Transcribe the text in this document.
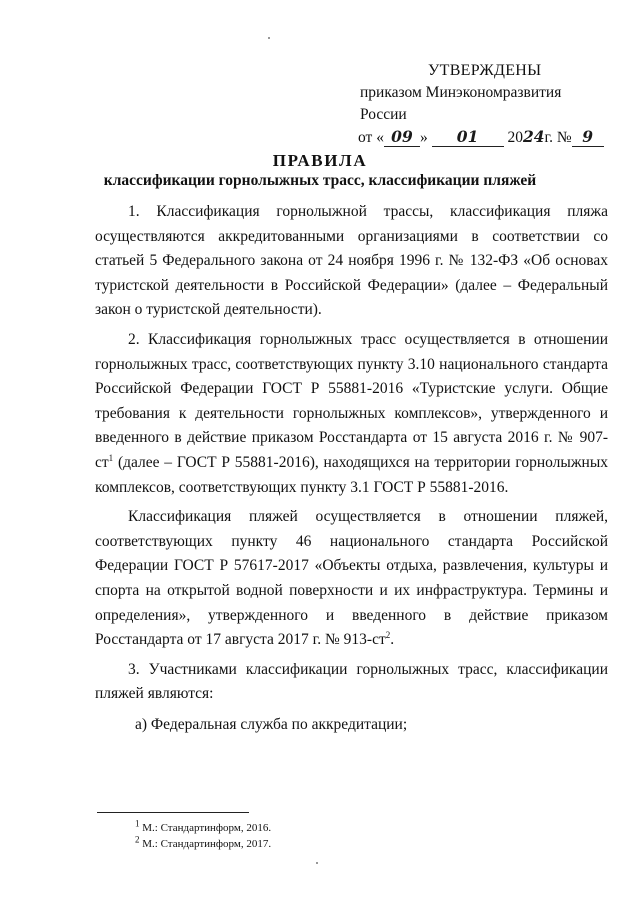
УТВЕРЖДЕНЫ
приказом Минэкономразвития России
от « 09 » 01 2024г. № 9
ПРАВИЛА
классификации горнолыжных трасс, классификации пляжей

1. Классификация горнолыжной трассы, классификация пляжа осуществляются аккредитованными организациями в соответствии со статьей 5 Федерального закона от 24 ноября 1996 г. № 132-ФЗ «Об основах туристской деятельности в Российской Федерации» (далее – Федеральный закон о туристской деятельности).

2. Классификация горнолыжных трасс осуществляется в отношении горнолыжных трасс, соответствующих пункту 3.10 национального стандарта Российской Федерации ГОСТ Р 55881-2016 «Туристские услуги. Общие требования к деятельности горнолыжных комплексов», утвержденного и введенного в действие приказом Росстандарта от 15 августа 2016 г. № $907-ст^1$ (далее – ГОСТ Р 55881-2016), находящихся на территории горнолыжных комплексов, соответствующих пункту 3.1 ГОСТ Р 55881-2016.

Классификация пляжей осуществляется в отношении пляжей, соответствующих пункту 46 национального стандарта Российской Федерации ГОСТ Р 57617-2017 «Объекты отдыха, развлечения, культуры и спорта на открытой водной поверхности и их инфраструктура. Термины и определения», утвержденного и введенного в действие приказом Росстандарта от 17 августа 2017 г. № $913-ст^2$.

3. Участниками классификации горнолыжных трасс, классификации пляжей являются:

а) Федеральная служба по аккредитации;

$^1$ М.: Стандартинформ, 2016.
$^2$ М.: Стандартинформ, 2017.
